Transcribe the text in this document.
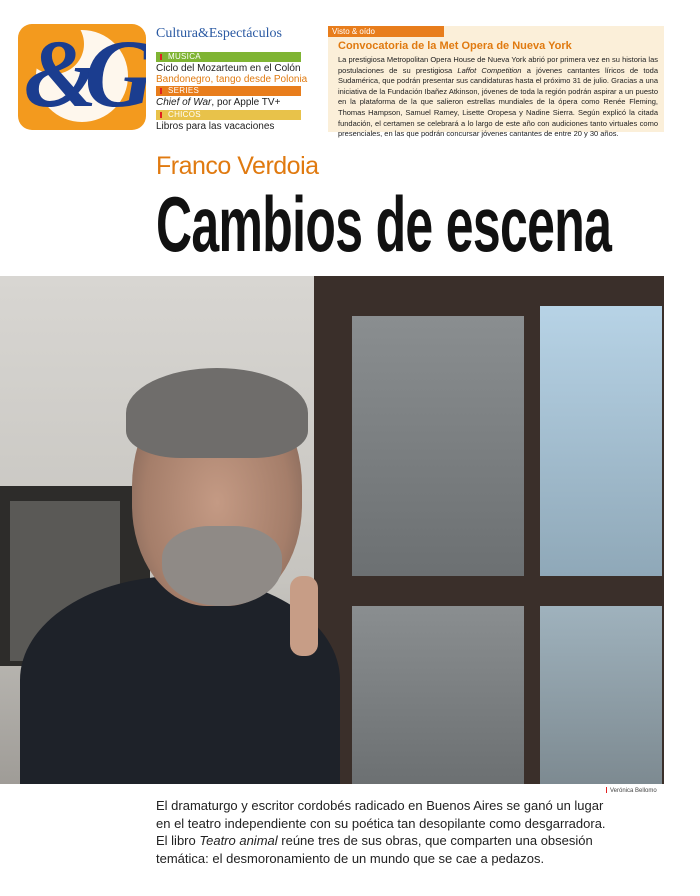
&G Cultura&Espectáculos
MUSICA
Ciclo del Mozarteum en el Colón
Bandonegro, tango desde Polonia
SERIES
Chief of War, por Apple TV+
CHICOS
Libros para las vacaciones
Visto & oído
Convocatoria de la Met Opera de Nueva York

La prestigiosa Metropolitan Opera House de Nueva York abrió por primera vez en su historia las postulaciones de su prestigiosa Laffot Competition a jóvenes cantantes líricos de toda Sudamérica, que podrán presentar sus candidaturas hasta el próximo 31 de julio. Gracias a una iniciativa de la Fundación Ibañez Atkinson, jóvenes de toda la región podrán aspirar a un puesto en la plataforma de la que salieron estrellas mundiales de la ópera como Renée Fleming, Thomas Hampson, Samuel Ramey, Lisette Oropesa y Nadine Sierra. Según explicó la citada fundación, el certamen se celebrará a lo largo de este año con audiciones tanto virtuales como presenciales, en las que podrán concursar jóvenes cantantes de entre 20 y 30 años.

Franco Verdoia
Cambios de escena
Verónica Bellomo

El dramaturgo y escritor cordobés radicado en Buenos Aires se ganó un lugar en el teatro independiente con su poética tan desopilante como desgarradora. El libro Teatro animal reúne tres de sus obras, que comparten una obsesión temática: el desmoronamiento de un mundo que se cae a pedazos.
